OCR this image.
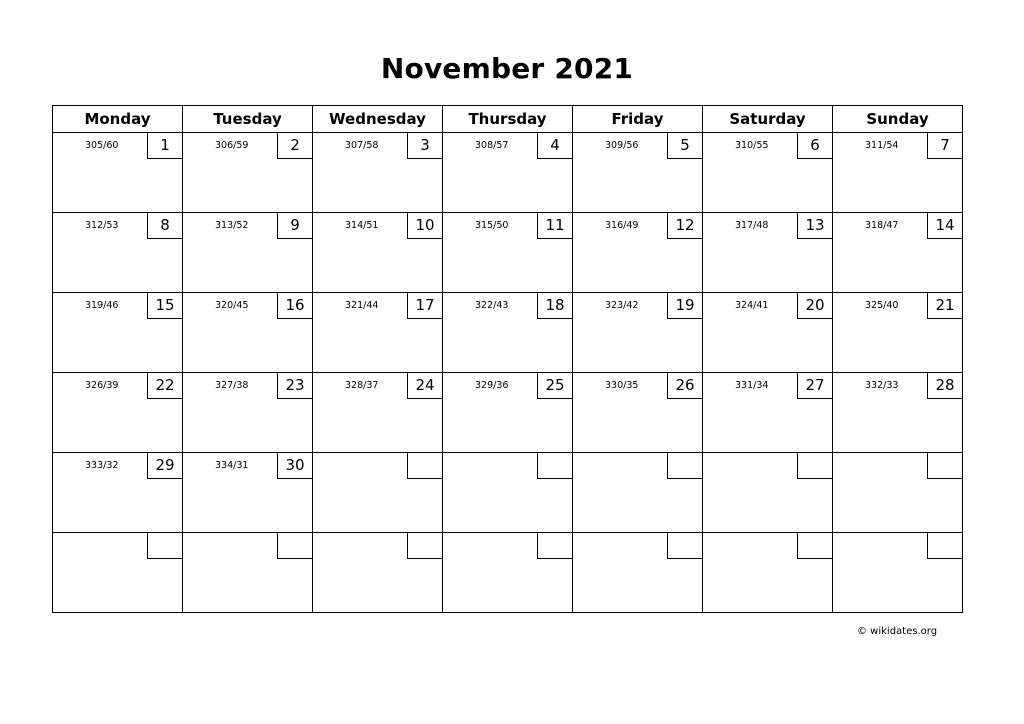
November 2021
Monday	Tuesday	Wednesday	Thursday	Friday	Saturday	Sunday

305/60 1	306/59 2	307/58 3	308/57 4	309/56 5	310/55 6	311/54 7

312/53 8	313/52 9	314/51 10	315/50 11	316/49 12	317/48 13	318/47 14

319/46 15	320/45 16	321/44 17	322/43 18	323/42 19	324/41 20	325/40 21

326/39 22	327/38 23	328/37 24	329/36 25	330/35 26	331/34 27	332/33 28

333/32 29	334/31 30					

© wikidates.org
